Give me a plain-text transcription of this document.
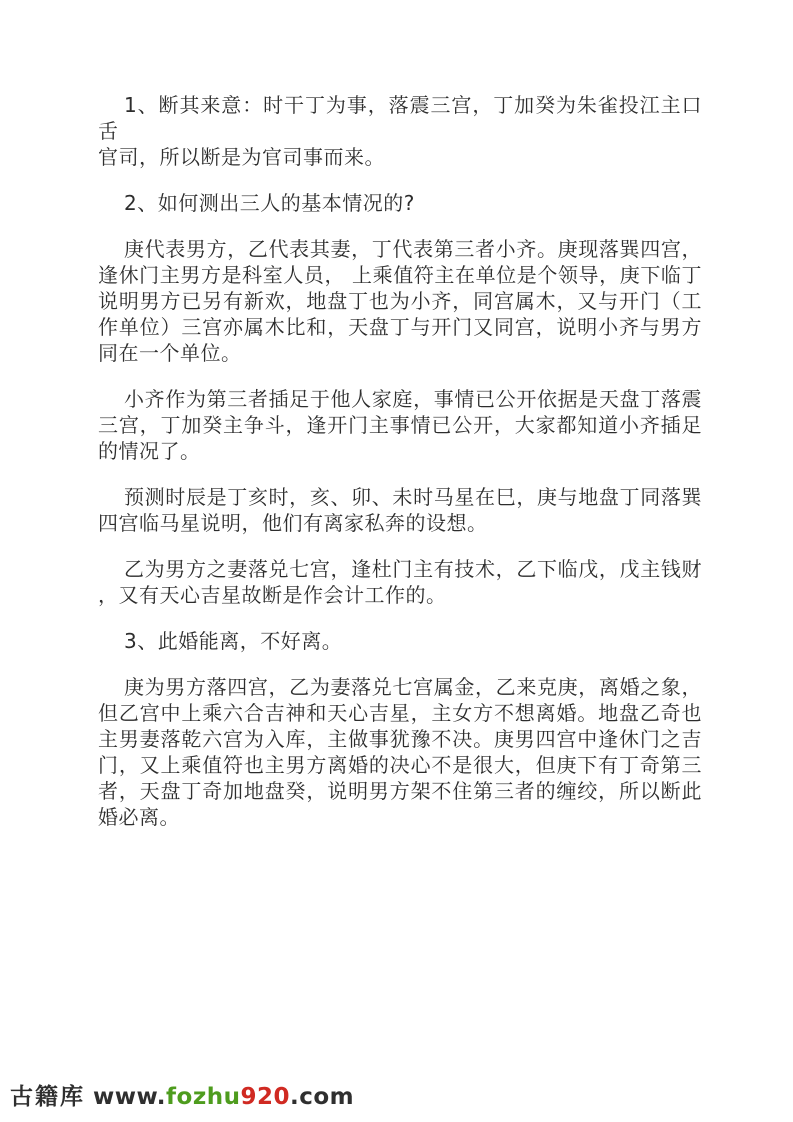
1、断其来意：时干丁为事，落震三宫，丁加癸为朱雀投江主口舌
官司，所以断是为官司事而来。

2、如何测出三人的基本情况的?

庚代表男方，乙代表其妻，丁代表第三者小齐。庚现落巽四宫，
逢休门主男方是科室人员， 上乘值符主在单位是个领导，庚下临丁
说明男方已另有新欢，地盘丁也为小齐，同宫属木，又与开门（工
作单位）三宫亦属木比和，天盘丁与开门又同宫，说明小齐与男方
同在一个单位。

小齐作为第三者插足于他人家庭，事情已公开依据是天盘丁落震
三宫，丁加癸主争斗，逢开门主事情已公开，大家都知道小齐插足
的情况了。

预测时辰是丁亥时，亥、卯、未时马星在巳，庚与地盘丁同落巽
四宫临马星说明，他们有离家私奔的设想。

乙为男方之妻落兑七宫，逢杜门主有技术，乙下临戊，戊主钱财
，又有天心吉星故断是作会计工作的。

3、此婚能离，不好离。

庚为男方落四宫，乙为妻落兑七宫属金，乙来克庚，离婚之象，
但乙宫中上乘六合吉神和天心吉星，主女方不想离婚。地盘乙奇也
主男妻落乾六宫为入库，主做事犹豫不决。庚男四宫中逢休门之吉
门，又上乘值符也主男方离婚的决心不是很大，但庚下有丁奇第三
者，天盘丁奇加地盘癸，说明男方架不住第三者的缠绞，所以断此
婚必离。

古籍库 www.fozhu920.com
